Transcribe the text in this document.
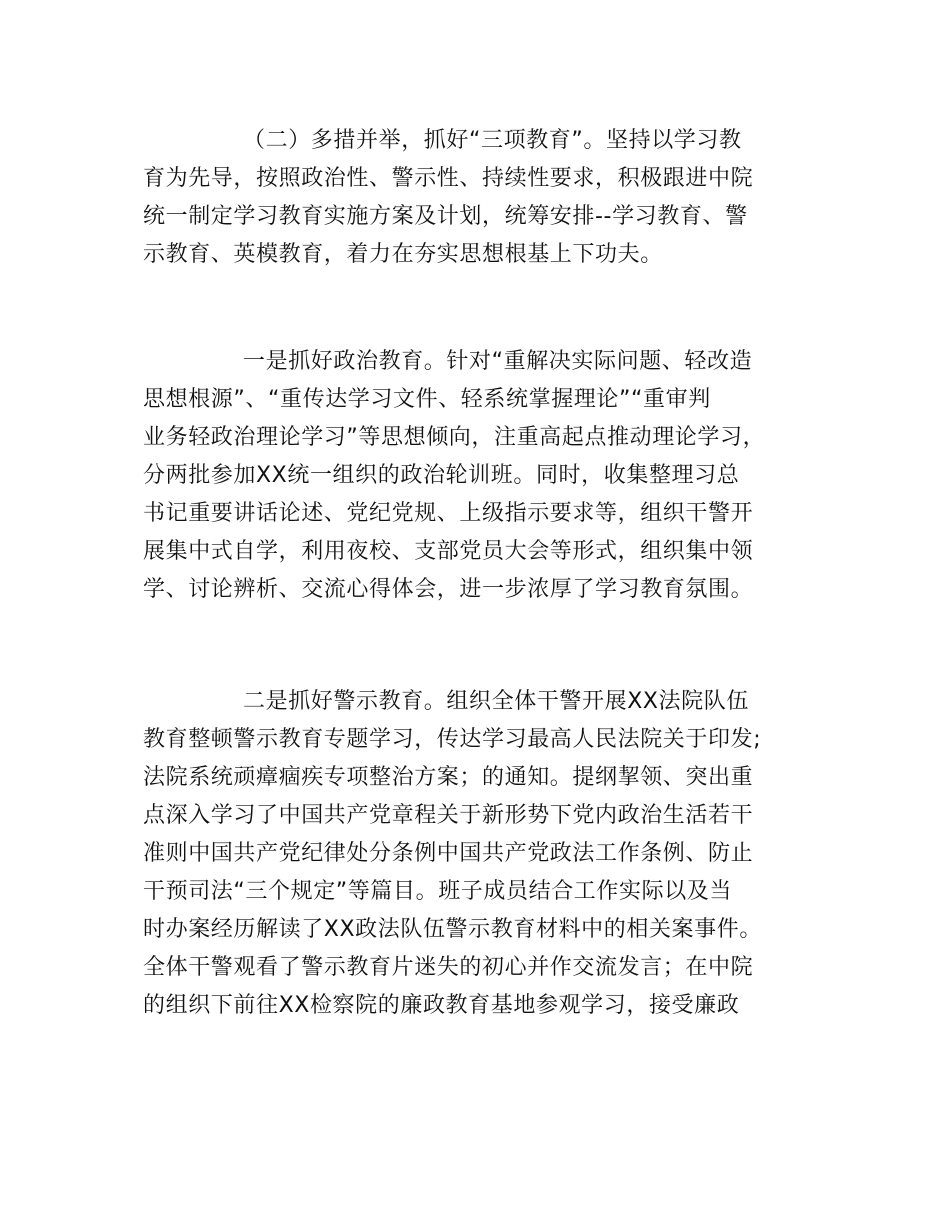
（二）多措并举，抓好“三项教育”。坚持以学习教
育为先导，按照政治性、警示性、持续性要求，积极跟进中院
统一制定学习教育实施方案及计划，统筹安排--学习教育、警
示教育、英模教育，着力在夯实思想根基上下功夫。
一是抓好政治教育。针对“重解决实际问题、轻改造
思想根源”、“重传达学习文件、轻系统掌握理论”“重审判
业务轻政治理论学习”等思想倾向，注重高起点推动理论学习，
分两批参加XX统一组织的政治轮训班。同时，收集整理习总
书记重要讲话论述、党纪党规、上级指示要求等，组织干警开
展集中式自学，利用夜校、支部党员大会等形式，组织集中领
学、讨论辨析、交流心得体会，进一步浓厚了学习教育氛围。
二是抓好警示教育。组织全体干警开展XX法院队伍
教育整顿警示教育专题学习，传达学习最高人民法院关于印发;
法院系统顽瘴痼疾专项整治方案；的通知。提纲挈领、突出重
点深入学习了中国共产党章程关于新形势下党内政治生活若干
准则中国共产党纪律处分条例中国共产党政法工作条例、防止
干预司法“三个规定”等篇目。班子成员结合工作实际以及当
时办案经历解读了XX政法队伍警示教育材料中的相关案事件。
全体干警观看了警示教育片迷失的初心并作交流发言；在中院
的组织下前往XX检察院的廉政教育基地参观学习，接受廉政
